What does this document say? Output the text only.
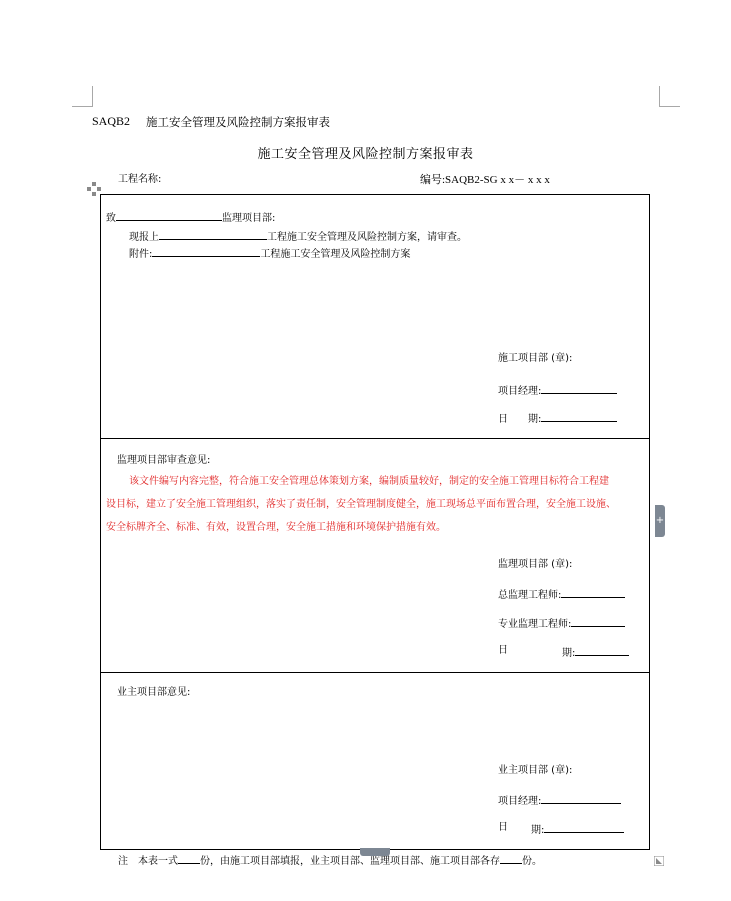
SAQB2 施工安全管理及风险控制方案报审表
施工安全管理及风险控制方案报审表
工程名称:	编号:SAQB2-SG x x－ x x x
致	监理项目部:
现报上	工程施工安全管理及风险控制方案，请审查。
附件:	工程施工安全管理及风险控制方案
施工项目部 (章):
项目经理:
日　　期:
监理项目部审查意见:
该文件编写内容完整，符合施工安全管理总体策划方案，编制质量较好，制定的安全施工管理目标符合工程建
设目标，建立了安全施工管理组织，落实了责任制，安全管理制度健全，施工现场总平面布置合理，安全施工设施、
安全标牌齐全、标准、有效，设置合理，安全施工措施和环境保护措施有效。
监理项目部 (章):
总监理工程师:
专业监理工程师:
日	期:
业主项目部意见:
业主项目部 (章):
项目经理:
日 期:
注　本表一式 份，由施工项目部填报，业主项目部、监理项目部、施工项目部各存 份。
+
